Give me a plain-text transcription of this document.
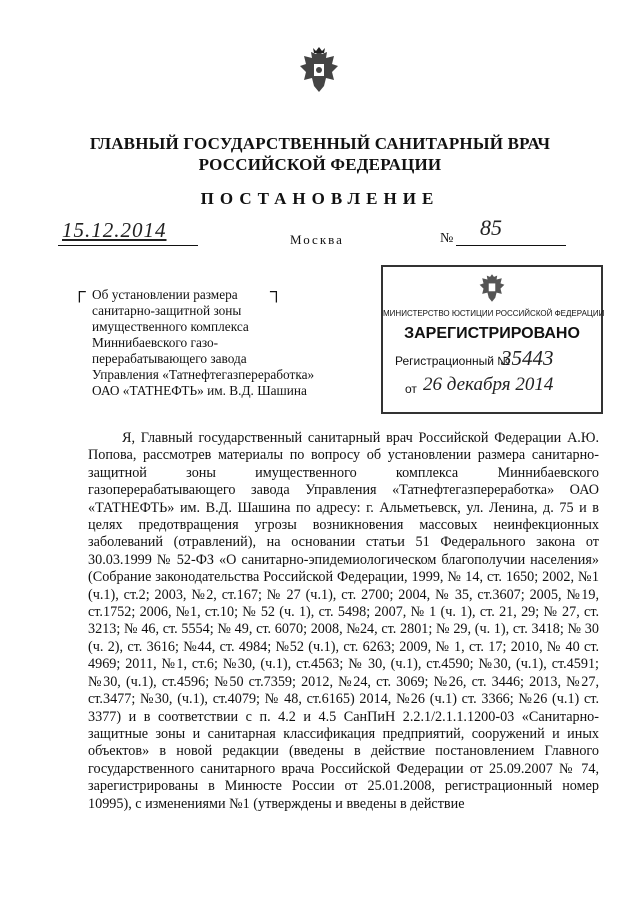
ГЛАВНЫЙ ГОСУДАРСТВЕННЫЙ САНИТАРНЫЙ ВРАЧ
РОССИЙСКОЙ ФЕДЕРАЦИИ
ПОСТАНОВЛЕНИЕ
15.12.2014	Москва	№ 85
┌	┐
Об установлении размера
санитарно-защитной зоны
имущественного комплекса
Миннибаевского газо-
перерабатывающего завода
Управления «Татнефтегазпереработка»
ОАО «ТАТНЕФТЬ» им. В.Д. Шашина
МИНИСТЕРСТВО ЮСТИЦИИ РОССИЙСКОЙ ФЕДЕРАЦИИ
ЗАРЕГИСТРИРОВАНО
Регистрационный №
35443
от 26 декабря 2014

Я, Главный государственный санитарный врач Российской Федерации А.Ю. Попова, рассмотрев материалы по вопросу об установлении размера санитарно-защитной зоны имущественного комплекса Миннибаевского газоперерабатывающего завода Управления «Татнефтегазпереработка» ОАО «ТАТНЕФТЬ» им. В.Д. Шашина по адресу: г. Альметьевск, ул. Ленина, д. 75 и в целях предотвращения угрозы возникновения массовых неинфекционных заболеваний (отравлений), на основании статьи 51 Федерального закона от 30.03.1999 № 52-ФЗ «О санитарно-эпидемиологическом благополучии населения» (Собрание законодательства Российской Федерации, 1999, № 14, ст. 1650; 2002, №1 (ч.1), ст.2; 2003, №2, ст.167; № 27 (ч.1), ст. 2700; 2004, № 35, ст.3607; 2005, №19, ст.1752; 2006, №1, ст.10; № 52 (ч. 1), ст. 5498; 2007, № 1 (ч. 1), ст. 21, 29; № 27, ст. 3213; № 46, ст. 5554; № 49, ст. 6070; 2008, №24, ст. 2801; № 29, (ч. 1), ст. 3418; № 30 (ч. 2), ст. 3616; №44, ст. 4984; №52 (ч.1), ст. 6263; 2009, № 1, ст. 17; 2010, № 40 ст. 4969; 2011, №1, ст.6; №30, (ч.1), ст.4563; № 30, (ч.1), ст.4590; №30, (ч.1), ст.4591; №30, (ч.1), ст.4596; №50 ст.7359; 2012, №24, ст. 3069; №26, ст. 3446; 2013, №27, ст.3477; №30, (ч.1), ст.4079; № 48, ст.6165) 2014, №26 (ч.1) ст. 3366; №26 (ч.1) ст. 3377) и в соответствии с п. 4.2 и 4.5 СанПиН 2.2.1/2.1.1.1200-03 «Санитарно-защитные зоны и санитарная классификация предприятий, сооружений и иных объектов» в новой редакции (введены в действие постановлением Главного государственного санитарного врача Российской Федерации от 25.09.2007 № 74, зарегистрированы в Минюсте России от 25.01.2008, регистрационный номер 10995), с изменениями №1 (утверждены и введены в действие
